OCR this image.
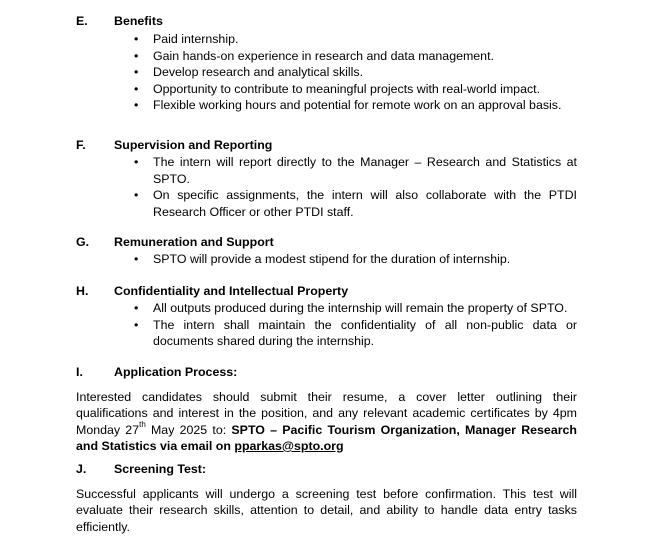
E. Benefits
• Paid internship.
• Gain hands-on experience in research and data management.
• Develop research and analytical skills.
• Opportunity to contribute to meaningful projects with real-world impact.
• Flexible working hours and potential for remote work on an approval basis.
F. Supervision and Reporting
• The intern will report directly to the Manager – Research and Statistics at SPTO.
• On specific assignments, the intern will also collaborate with the PTDI Research Officer or other PTDI staff.
G. Remuneration and Support
• SPTO will provide a modest stipend for the duration of internship.
H. Confidentiality and Intellectual Property
• All outputs produced during the internship will remain the property of SPTO.
• The intern shall maintain the confidentiality of all non-public data or documents shared during the internship.
I.	Application Process:
Interested candidates should submit their resume, a cover letter outlining their qualifications and interest in the position, and any relevant academic certificates by 4pm Monday 27th May 2025 to: SPTO – Pacific Tourism Organization, Manager Research and Statistics via email on pparkas@spto.org
J. Screening Test:
Successful applicants will undergo a screening test before confirmation. This test will evaluate their research skills, attention to detail, and ability to handle data entry tasks efficiently.
